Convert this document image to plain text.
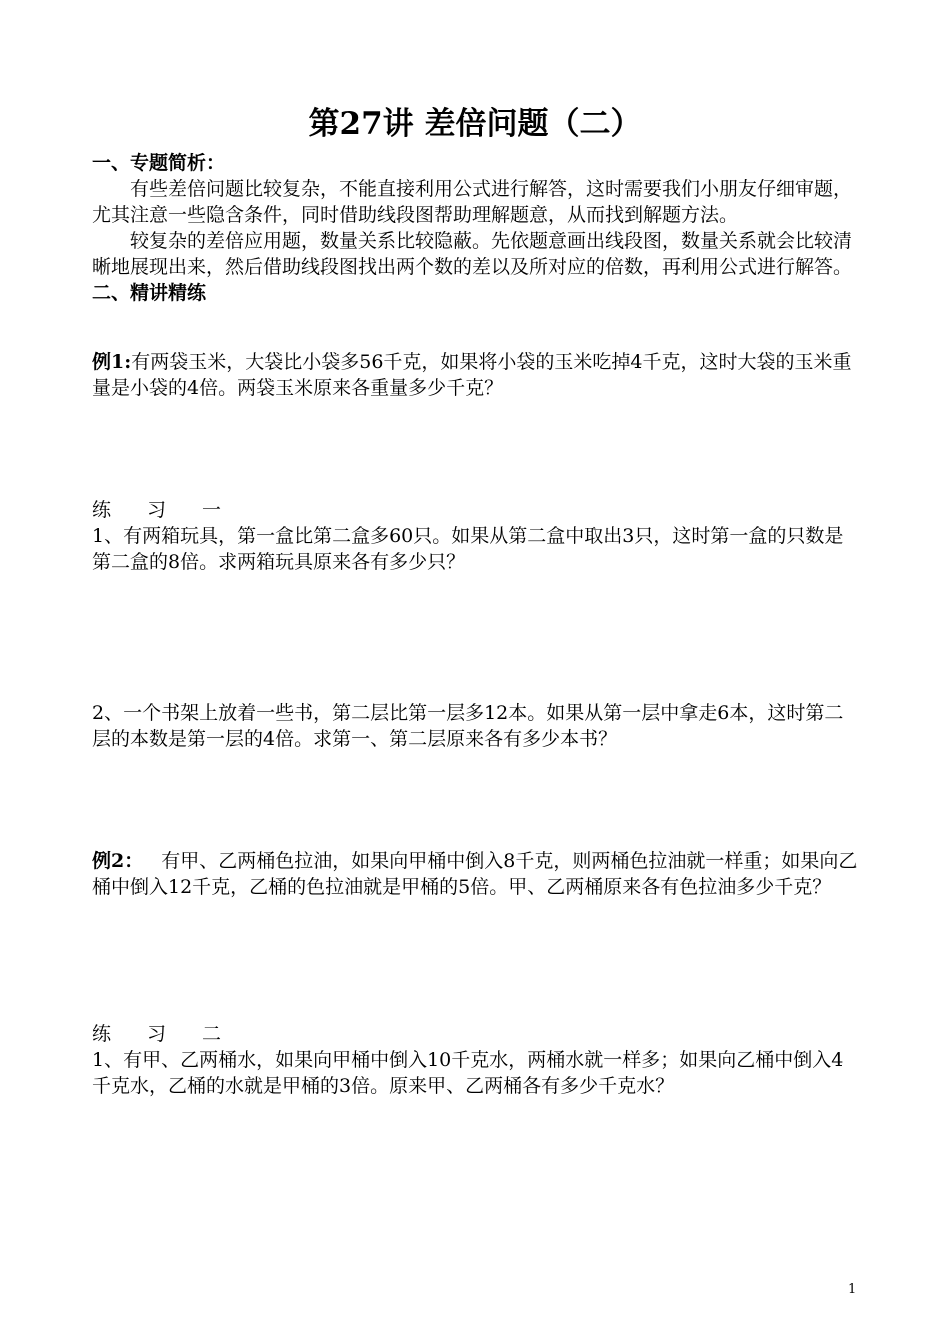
第27讲 差倍问题（二）
一、专题简析：
有些差倍问题比较复杂，不能直接利用公式进行解答，这时需要我们小朋友仔细审题，尤其注意一些隐含条件，同时借助线段图帮助理解题意，从而找到解题方法。
较复杂的差倍应用题，数量关系比较隐蔽。先依题意画出线段图，数量关系就会比较清晰地展现出来，然后借助线段图找出两个数的差以及所对应的倍数，再利用公式进行解答。
二、精讲精练
例1:有两袋玉米，大袋比小袋多56千克，如果将小袋的玉米吃掉4千克，这时大袋的玉米重量是小袋的4倍。两袋玉米原来各重量多少千克？
练 习 一
1、有两箱玩具，第一盒比第二盒多60只。如果从第二盒中取出3只，这时第一盒的只数是第二盒的8倍。求两箱玩具原来各有多少只？
2、一个书架上放着一些书，第二层比第一层多12本。如果从第一层中拿走6本，这时第二层的本数是第一层的4倍。求第一、第二层原来各有多少本书？
例2： 有甲、乙两桶色拉油，如果向甲桶中倒入8千克，则两桶色拉油就一样重；如果向乙桶中倒入12千克，乙桶的色拉油就是甲桶的5倍。甲、乙两桶原来各有色拉油多少千克？
练 习 二
1、有甲、乙两桶水，如果向甲桶中倒入10千克水，两桶水就一样多；如果向乙桶中倒入4千克水，乙桶的水就是甲桶的3倍。原来甲、乙两桶各有多少千克水？
1
